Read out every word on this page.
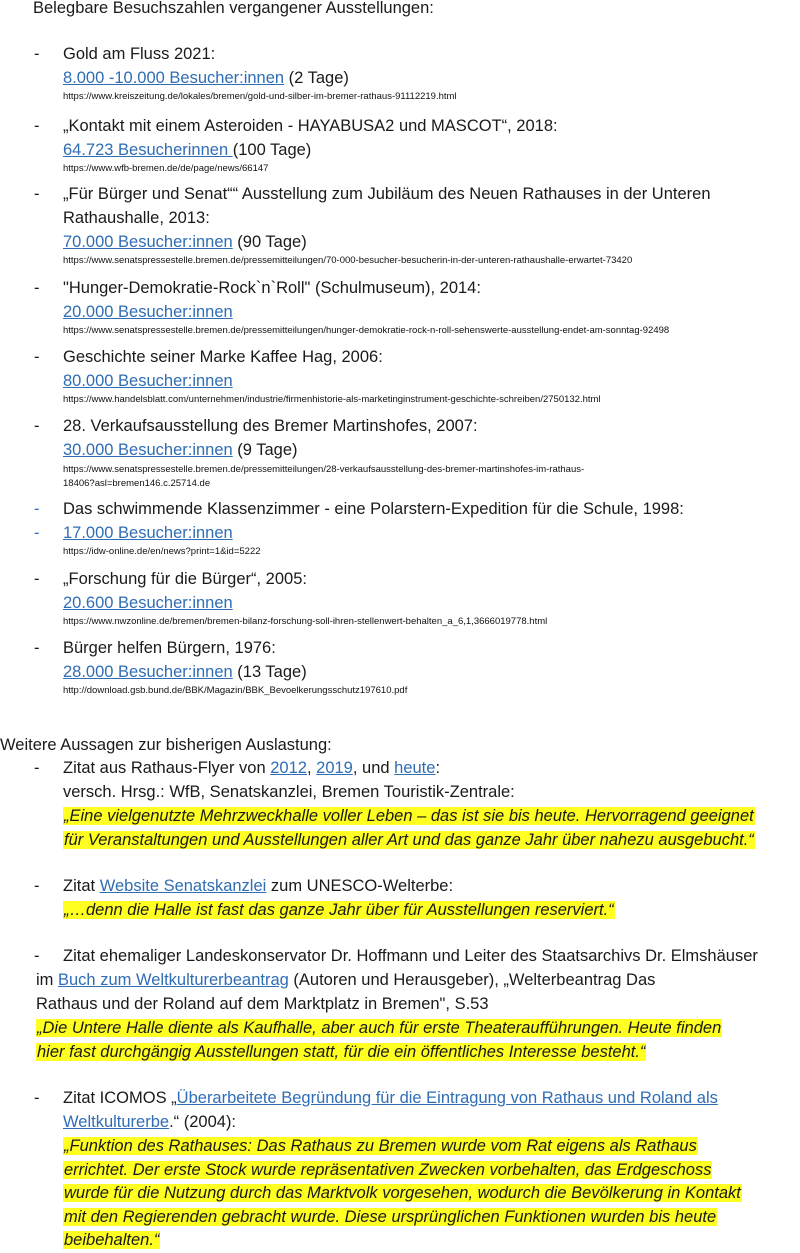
Belegbare Besuchszahlen vergangener Ausstellungen:
- Gold am Fluss 2021:
8.000 -10.000 Besucher:innen (2 Tage)
https://www.kreiszeitung.de/lokales/bremen/gold-und-silber-im-bremer-rathaus-91112219.html
- „Kontakt mit einem Asteroiden - HAYABUSA2 und MASCOT“, 2018:
64.723 Besucherinnen (100 Tage)
https://www.wfb-bremen.de/de/page/news/66147
- „Für Bürger und Senat““ Ausstellung zum Jubiläum des Neuen Rathauses in der Unteren
Rathaushalle, 2013:
70.000 Besucher:innen (90 Tage)
https://www.senatspressestelle.bremen.de/pressemitteilungen/70-000-besucher-besucherin-in-der-unteren-rathaushalle-erwartet-73420
- "Hunger-Demokratie-Rock`n`Roll" (Schulmuseum), 2014:
20.000 Besucher:innen
https://www.senatspressestelle.bremen.de/pressemitteilungen/hunger-demokratie-rock-n-roll-sehenswerte-ausstellung-endet-am-sonntag-92498
- Geschichte seiner Marke Kaffee Hag, 2006:
80.000 Besucher:innen
https://www.handelsblatt.com/unternehmen/industrie/firmenhistorie-als-marketinginstrument-geschichte-schreiben/2750132.html
- 28. Verkaufsausstellung des Bremer Martinshofes, 2007:
30.000 Besucher:innen (9 Tage)
https://www.senatspressestelle.bremen.de/pressemitteilungen/28-verkaufsausstellung-des-bremer-martinshofes-im-rathaus-
18406?asl=bremen146.c.25714.de
-
-
Das schwimmende Klassenzimmer - eine Polarstern-Expedition für die Schule, 1998:
17.000 Besucher:innen
https://idw-online.de/en/news?print=1&id=5222
- „Forschung für die Bürger“, 2005:
20.600 Besucher:innen
https://www.nwzonline.de/bremen/bremen-bilanz-forschung-soll-ihren-stellenwert-behalten_a_6,1,3666019778.html
- Bürger helfen Bürgern, 1976:
28.000 Besucher:innen (13 Tage)
http://download.gsb.bund.de/BBK/Magazin/BBK_Bevoelkerungsschutz197610.pdf
Weitere Aussagen zur bisherigen Auslastung:
- Zitat aus Rathaus-Flyer von 2012, 2019, und heute:
versch. Hrsg.: WfB, Senatskanzlei, Bremen Touristik-Zentrale:
„Eine vielgenutzte Mehrzweckhalle voller Leben – das ist sie bis heute. Hervorragend geeignet
für Veranstaltungen und Ausstellungen aller Art und das ganze Jahr über nahezu ausgebucht.“
- Zitat Website Senatskanzlei zum UNESCO-Welterbe:
„…denn die Halle ist fast das ganze Jahr über für Ausstellungen reserviert.“
- Zitat ehemaliger Landeskonservator Dr. Hoffmann und Leiter des Staatsarchivs Dr. Elmshäuser
im Buch zum Weltkulturerbeantrag (Autoren und Herausgeber), „Welterbeantrag Das
Rathaus und der Roland auf dem Marktplatz in Bremen", S.53
„Die Untere Halle diente als Kaufhalle, aber auch für erste Theateraufführungen. Heute finden
hier fast durchgängig Ausstellungen statt, für die ein öffentliches Interesse besteht.“
- Zitat ICOMOS „Überarbeitete Begründung für die Eintragung von Rathaus und Roland als
Weltkulturerbe.“ (2004):
„Funktion des Rathauses: Das Rathaus zu Bremen wurde vom Rat eigens als Rathaus
errichtet. Der erste Stock wurde repräsentativen Zwecken vorbehalten, das Erdgeschoss
wurde für die Nutzung durch das Marktvolk vorgesehen, wodurch die Bevölkerung in Kontakt
mit den Regierenden gebracht wurde. Diese ursprünglichen Funktionen wurden bis heute
beibehalten.“
